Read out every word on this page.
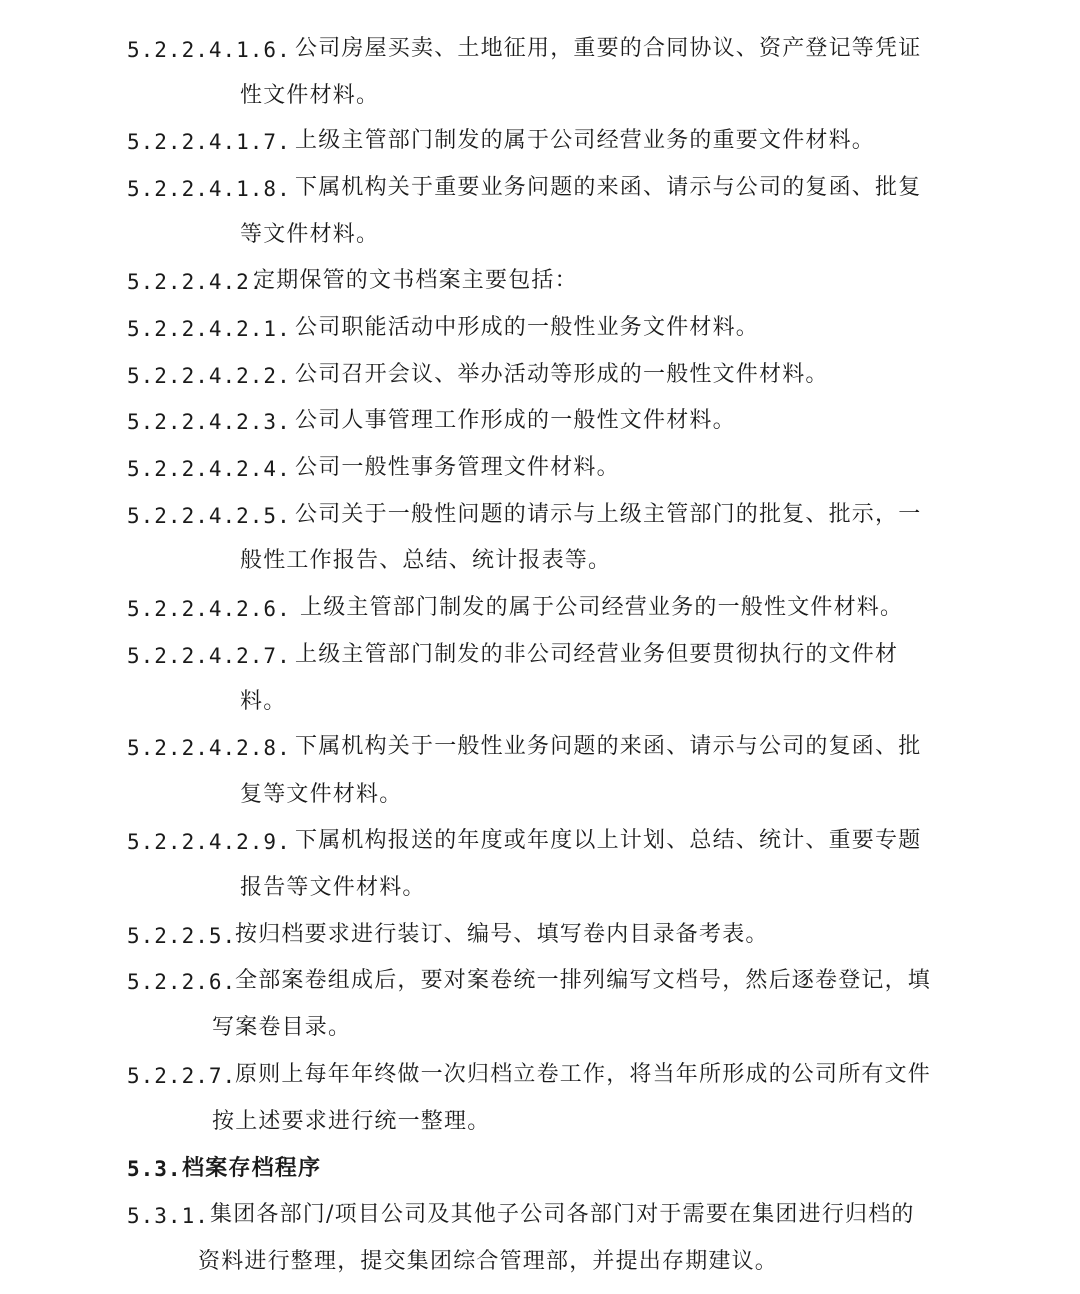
5.2.2.4.1.6. 公司房屋买卖、土地征用，重要的合同协议、资产登记等凭证
性文件材料。
5.2.2.4.1.7. 上级主管部门制发的属于公司经营业务的重要文件材料。
5.2.2.4.1.8. 下属机构关于重要业务问题的来函、请示与公司的复函、批复
等文件材料。
5.2.2.4.2.
定期保管的文书档案主要包括：
5.2.2.4.2.1. 公司职能活动中形成的一般性业务文件材料。
5.2.2.4.2.2. 公司召开会议、举办活动等形成的一般性文件材料。
5.2.2.4.2.3. 公司人事管理工作形成的一般性文件材料。
5.2.2.4.2.4. 公司一般性事务管理文件材料。
5.2.2.4.2.5. 公司关于一般性问题的请示与上级主管部门的批复、批示，一
般性工作报告、总结、统计报表等。
5.2.2.4.2.6. 上级主管部门制发的属于公司经营业务的一般性文件材料。
5.2.2.4.2.7. 上级主管部门制发的非公司经营业务但要贯彻执行的文件材
料。
5.2.2.4.2.8. 下属机构关于一般性业务问题的来函、请示与公司的复函、批
复等文件材料。
5.2.2.4.2.9. 下属机构报送的年度或年度以上计划、总结、统计、重要专题
报告等文件材料。
5.2.2.5.
按归档要求进行装订、编号、填写卷内目录备考表。
5.2.2.6.
全部案卷组成后，要对案卷统一排列编写文档号，然后逐卷登记，填
写案卷目录。
5.2.2.7.
原则上每年年终做一次归档立卷工作，将当年所形成的公司所有文件
按上述要求进行统一整理。
5.3. 档案存档程序
5.3.1. 集团各部门/项目公司及其他子公司各部门对于需要在集团进行归档的
资料进行整理，提交集团综合管理部，并提出存期建议。
